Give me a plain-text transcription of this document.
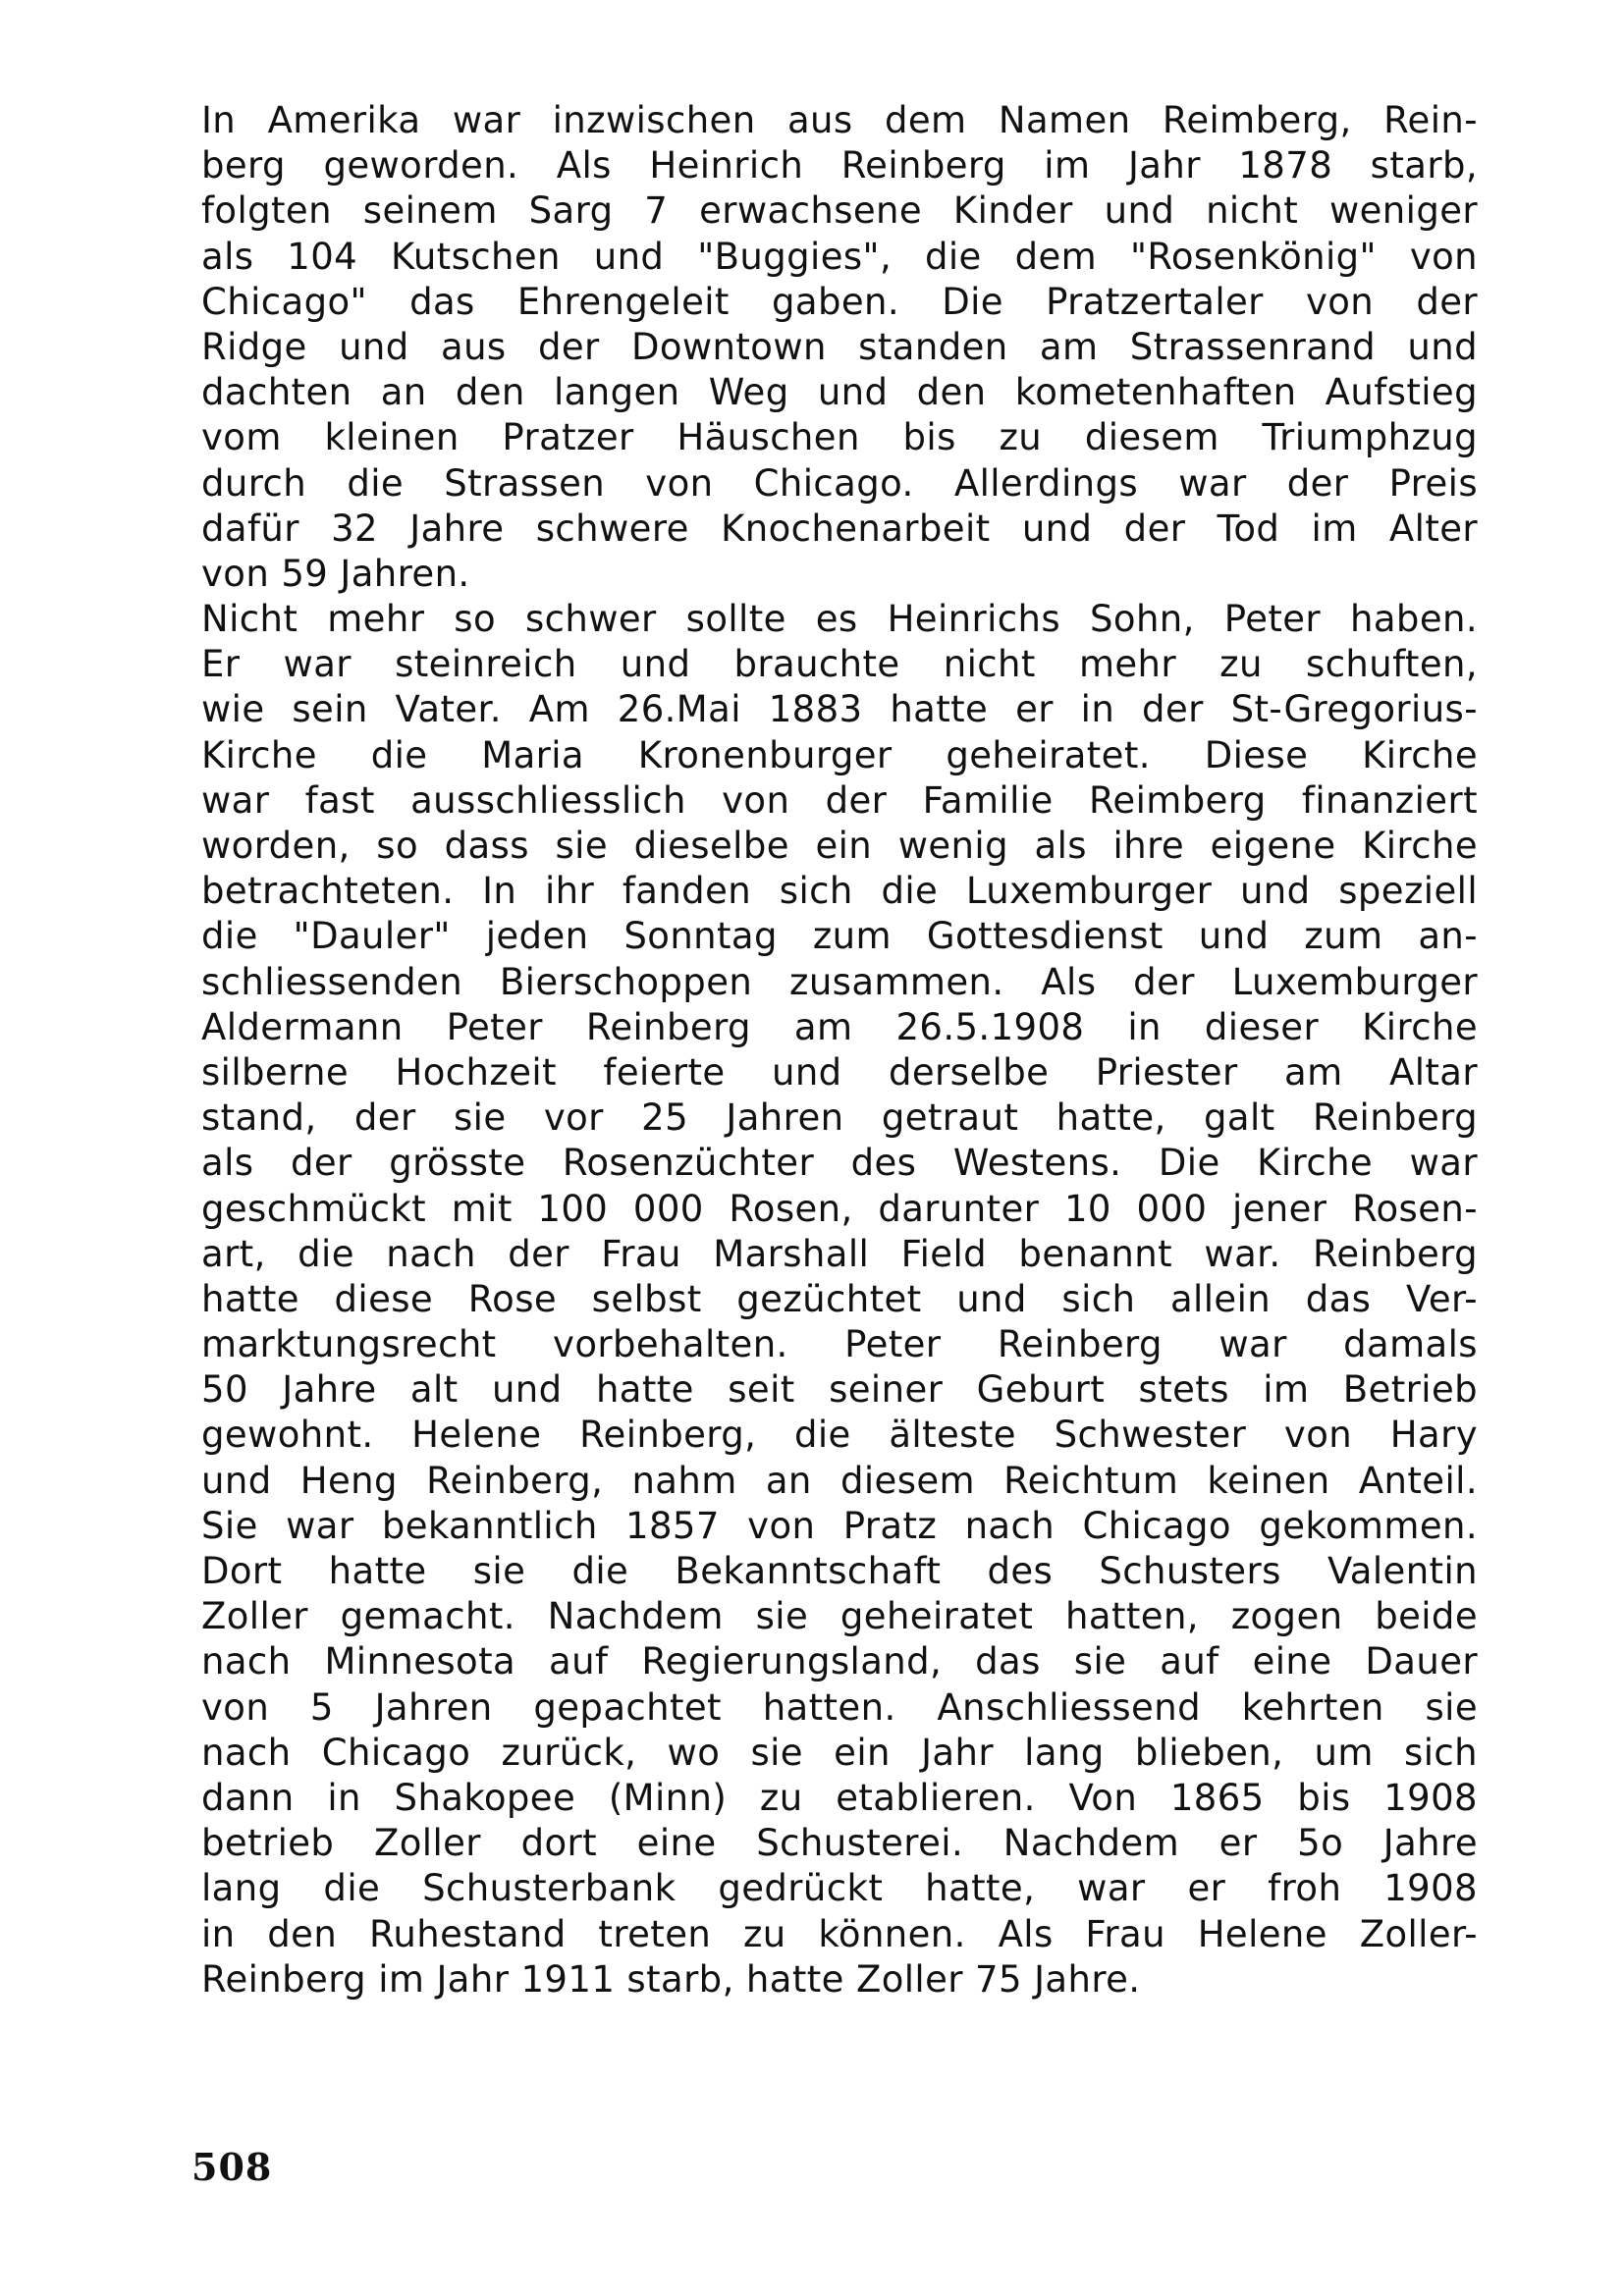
In Amerika war inzwischen aus dem Namen Reimberg, Rein-
berg geworden. Als Heinrich Reinberg im Jahr 1878 starb,
folgten seinem Sarg 7 erwachsene Kinder und nicht weniger
als 104 Kutschen und "Buggies", die dem "Rosenkönig" von
Chicago" das Ehrengeleit gaben. Die Pratzertaler von der
Ridge und aus der Downtown standen am Strassenrand und
dachten an den langen Weg und den kometenhaften Aufstieg
vom kleinen Pratzer Häuschen bis zu diesem Triumphzug
durch die Strassen von Chicago. Allerdings war der Preis
dafür 32 Jahre schwere Knochenarbeit und der Tod im Alter
von 59 Jahren.
Nicht mehr so schwer sollte es Heinrichs Sohn, Peter haben.
Er war steinreich und brauchte nicht mehr zu schuften,
wie sein Vater. Am 26.Mai 1883 hatte er in der St-Gregorius-
Kirche die Maria Kronenburger geheiratet. Diese Kirche
war fast ausschliesslich von der Familie Reimberg finanziert
worden, so dass sie dieselbe ein wenig als ihre eigene Kirche
betrachteten. In ihr fanden sich die Luxemburger und speziell
die "Dauler" jeden Sonntag zum Gottesdienst und zum an-
schliessenden Bierschoppen zusammen. Als der Luxemburger
Aldermann Peter Reinberg am 26.5.1908 in dieser Kirche
silberne Hochzeit feierte und derselbe Priester am Altar
stand, der sie vor 25 Jahren getraut hatte, galt Reinberg
als der grösste Rosenzüchter des Westens. Die Kirche war
geschmückt mit 100 000 Rosen, darunter 10 000 jener Rosen-
art, die nach der Frau Marshall Field benannt war. Reinberg
hatte diese Rose selbst gezüchtet und sich allein das Ver-
marktungsrecht vorbehalten. Peter Reinberg war damals
50 Jahre alt und hatte seit seiner Geburt stets im Betrieb
gewohnt. Helene Reinberg, die älteste Schwester von Hary
und Heng Reinberg, nahm an diesem Reichtum keinen Anteil.
Sie war bekanntlich 1857 von Pratz nach Chicago gekommen.
Dort hatte sie die Bekanntschaft des Schusters Valentin
Zoller gemacht. Nachdem sie geheiratet hatten, zogen beide
nach Minnesota auf Regierungsland, das sie auf eine Dauer
von 5 Jahren gepachtet hatten. Anschliessend kehrten sie
nach Chicago zurück, wo sie ein Jahr lang blieben, um sich
dann in Shakopee (Minn) zu etablieren. Von 1865 bis 1908
betrieb Zoller dort eine Schusterei. Nachdem er 5o Jahre
lang die Schusterbank gedrückt hatte, war er froh 1908
in den Ruhestand treten zu können. Als Frau Helene Zoller-
Reinberg im Jahr 1911 starb, hatte Zoller 75 Jahre.
508
